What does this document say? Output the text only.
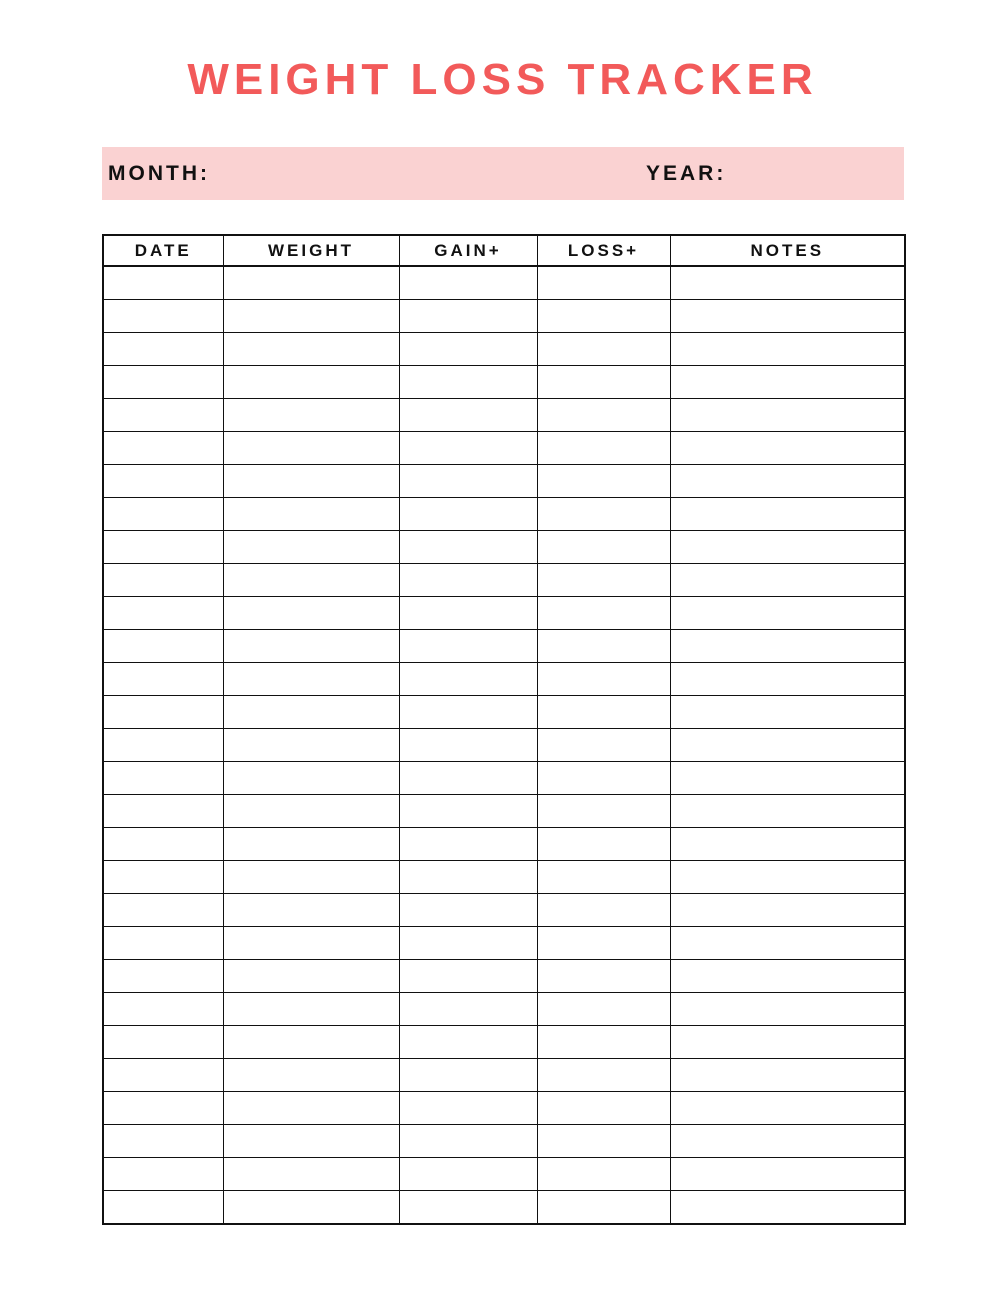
WEIGHT LOSS TRACKER
MONTH:	YEAR:
DATE	WEIGHT	GAIN+	LOSS+	NOTES
